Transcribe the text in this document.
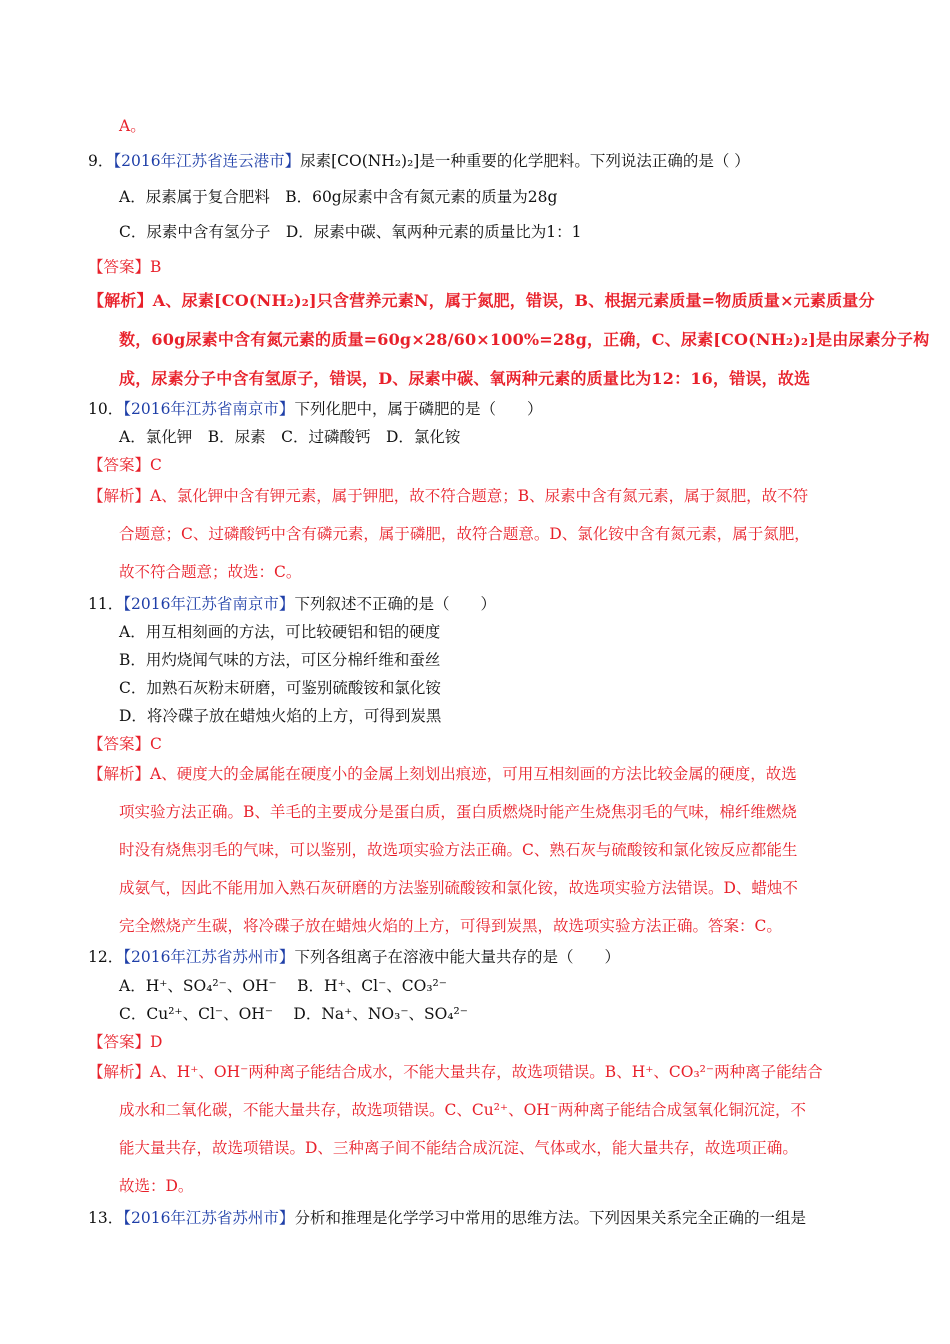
A。
9．【2016年江苏省连云港市】尿素[CO(NH₂)₂]是一种重要的化学肥料。下列说法正确的是（ ）
A．尿素属于复合肥料　B．60g尿素中含有氮元素的质量为28g
C．尿素中含有氢分子　D．尿素中碳、氧两种元素的质量比为1：1
【答案】B
【解析】A、尿素[CO(NH₂)₂]只含营养元素N，属于氮肥，错误，B、根据元素质量=物质质量×元素质量分
数，60g尿素中含有氮元素的质量=60g×28/60×100%=28g，正确，C、尿素[CO(NH₂)₂]是由尿素分子构
成，尿素分子中含有氢原子，错误，D、尿素中碳、氧两种元素的质量比为12：16，错误，故选
10．【2016年江苏省南京市】下列化肥中，属于磷肥的是（　　）
A．氯化钾　B．尿素　C．过磷酸钙　D．氯化铵
【答案】C
【解析】A、氯化钾中含有钾元素，属于钾肥，故不符合题意；B、尿素中含有氮元素，属于氮肥，故不符
合题意；C、过磷酸钙中含有磷元素，属于磷肥，故符合题意。D、氯化铵中含有氮元素，属于氮肥，
故不符合题意；故选：C。
11．【2016年江苏省南京市】下列叙述不正确的是（　　）
A．用互相刻画的方法，可比较硬铝和铝的硬度
B．用灼烧闻气味的方法，可区分棉纤维和蚕丝
C．加熟石灰粉末研磨，可鉴别硫酸铵和氯化铵
D．将冷碟子放在蜡烛火焰的上方，可得到炭黑
【答案】C
【解析】A、硬度大的金属能在硬度小的金属上刻划出痕迹，可用互相刻画的方法比较金属的硬度，故选
项实验方法正确。B、羊毛的主要成分是蛋白质，蛋白质燃烧时能产生烧焦羽毛的气味，棉纤维燃烧
时没有烧焦羽毛的气味，可以鉴别，故选项实验方法正确。C、熟石灰与硫酸铵和氯化铵反应都能生
成氨气，因此不能用加入熟石灰研磨的方法鉴别硫酸铵和氯化铵，故选项实验方法错误。D、蜡烛不
完全燃烧产生碳，将冷碟子放在蜡烛火焰的上方，可得到炭黑，故选项实验方法正确。答案：C。
12．【2016年江苏省苏州市】下列各组离子在溶液中能大量共存的是（　　）
A．H⁺、SO₄²⁻、OH⁻　 B．H⁺、Cl⁻、CO₃²⁻
C．Cu²⁺、Cl⁻、OH⁻　 D．Na⁺、NO₃⁻、SO₄²⁻
【答案】D
【解析】A、H⁺、OH⁻两种离子能结合成水，不能大量共存，故选项错误。B、H⁺、CO₃²⁻两种离子能结合
成水和二氧化碳，不能大量共存，故选项错误。C、Cu²⁺、OH⁻两种离子能结合成氢氧化铜沉淀，不
能大量共存，故选项错误。D、三种离子间不能结合成沉淀、气体或水，能大量共存，故选项正确。
故选：D。
13．【2016年江苏省苏州市】分析和推理是化学学习中常用的思维方法。下列因果关系完全正确的一组是
